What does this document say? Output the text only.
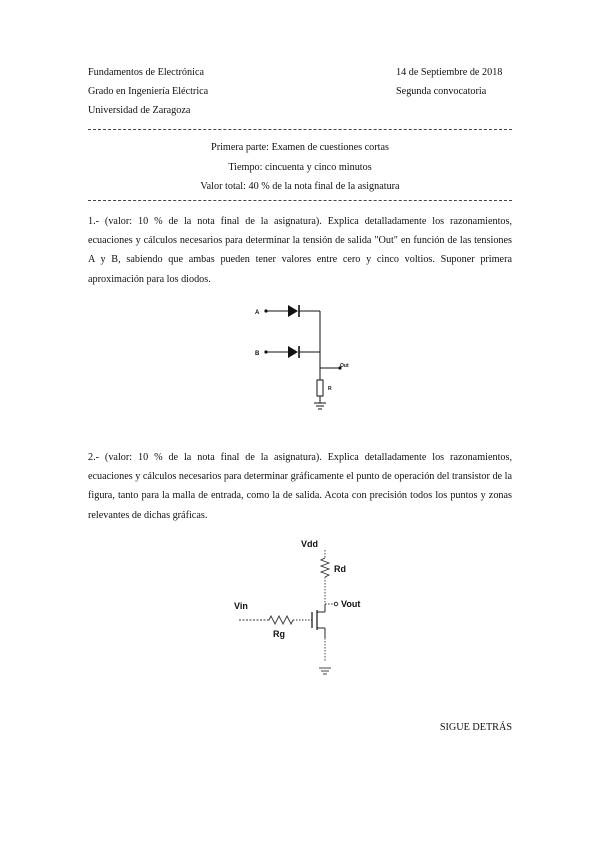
Fundamentos de Electrónica
Grado en Ingeniería Eléctrica
Universidad de Zaragoza
14 de Septiembre de 2018
Segunda convocatoria
Primera parte: Examen de cuestiones cortas
Tiempo: cincuenta y cinco minutos
Valor total: 40 % de la nota final de la asignatura

1.- (valor: 10 % de la nota final de la asignatura). Explica detalladamente los razonamientos, ecuaciones y cálculos necesarios para determinar la tensión de salida "Out" en función de las tensiones A y B, sabiendo que ambas pueden tener valores entre cero y cinco voltios. Suponer primera aproximación para los diodos.

A
B
Out
R

2.- (valor: 10 % de la nota final de la asignatura). Explica detalladamente los razonamientos, ecuaciones y cálculos necesarios para determinar gráficamente el punto de operación del transistor de la figura, tanto para la malla de entrada, como la de salida. Acota con precisión todos los puntos y zonas relevantes de dichas gráficas.

Vdd
Rd
Vout
Vin
Rg
SIGUE DETRÁS
